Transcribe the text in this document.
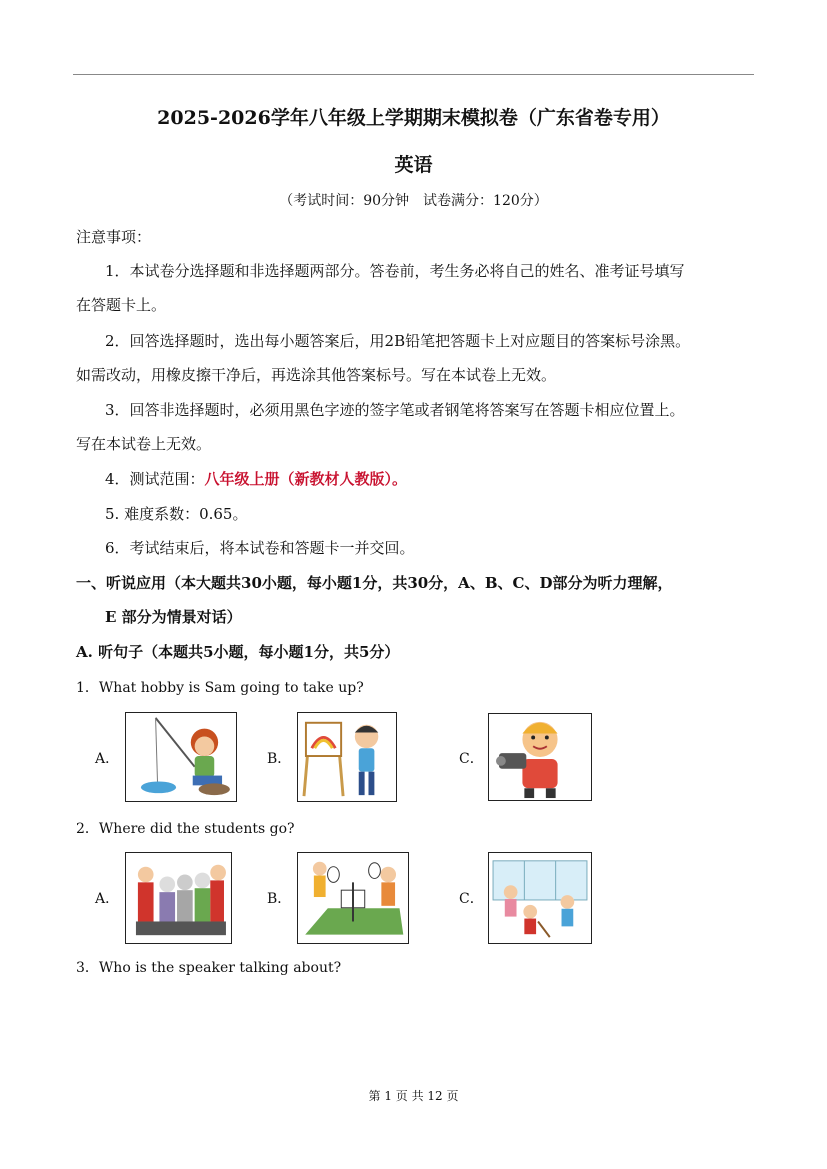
2025-2026学年八年级上学期期末模拟卷（广东省卷专用）
英语
（考试时间：90分钟　试卷满分：120分）
注意事项：
1．本试卷分选择题和非选择题两部分。答卷前，考生务必将自己的姓名、准考证号填写
在答题卡上。
2．回答选择题时，选出每小题答案后，用2B铅笔把答题卡上对应题目的答案标号涂黑。
如需改动，用橡皮擦干净后，再选涂其他答案标号。写在本试卷上无效。
3．回答非选择题时，必须用黑色字迹的签字笔或者钢笔将答案写在答题卡相应位置上。
写在本试卷上无效。
4．测试范围：八年级上册（新教材人教版）。
5. 难度系数：0.65。
6．考试结束后，将本试卷和答题卡一并交回。
一、听说应用（本大题共30小题，每小题1分，共30分，A、B、C、D部分为听力理解，
E 部分为情景对话）
A. 听句子（本题共5小题，每小题1分，共5分）
1．What hobby is Sam going to take up?
A．	B．	C．
2．Where did the students go?
A．	B．	C．
3．Who is the speaker talking about?
第 1 页 共 12 页
